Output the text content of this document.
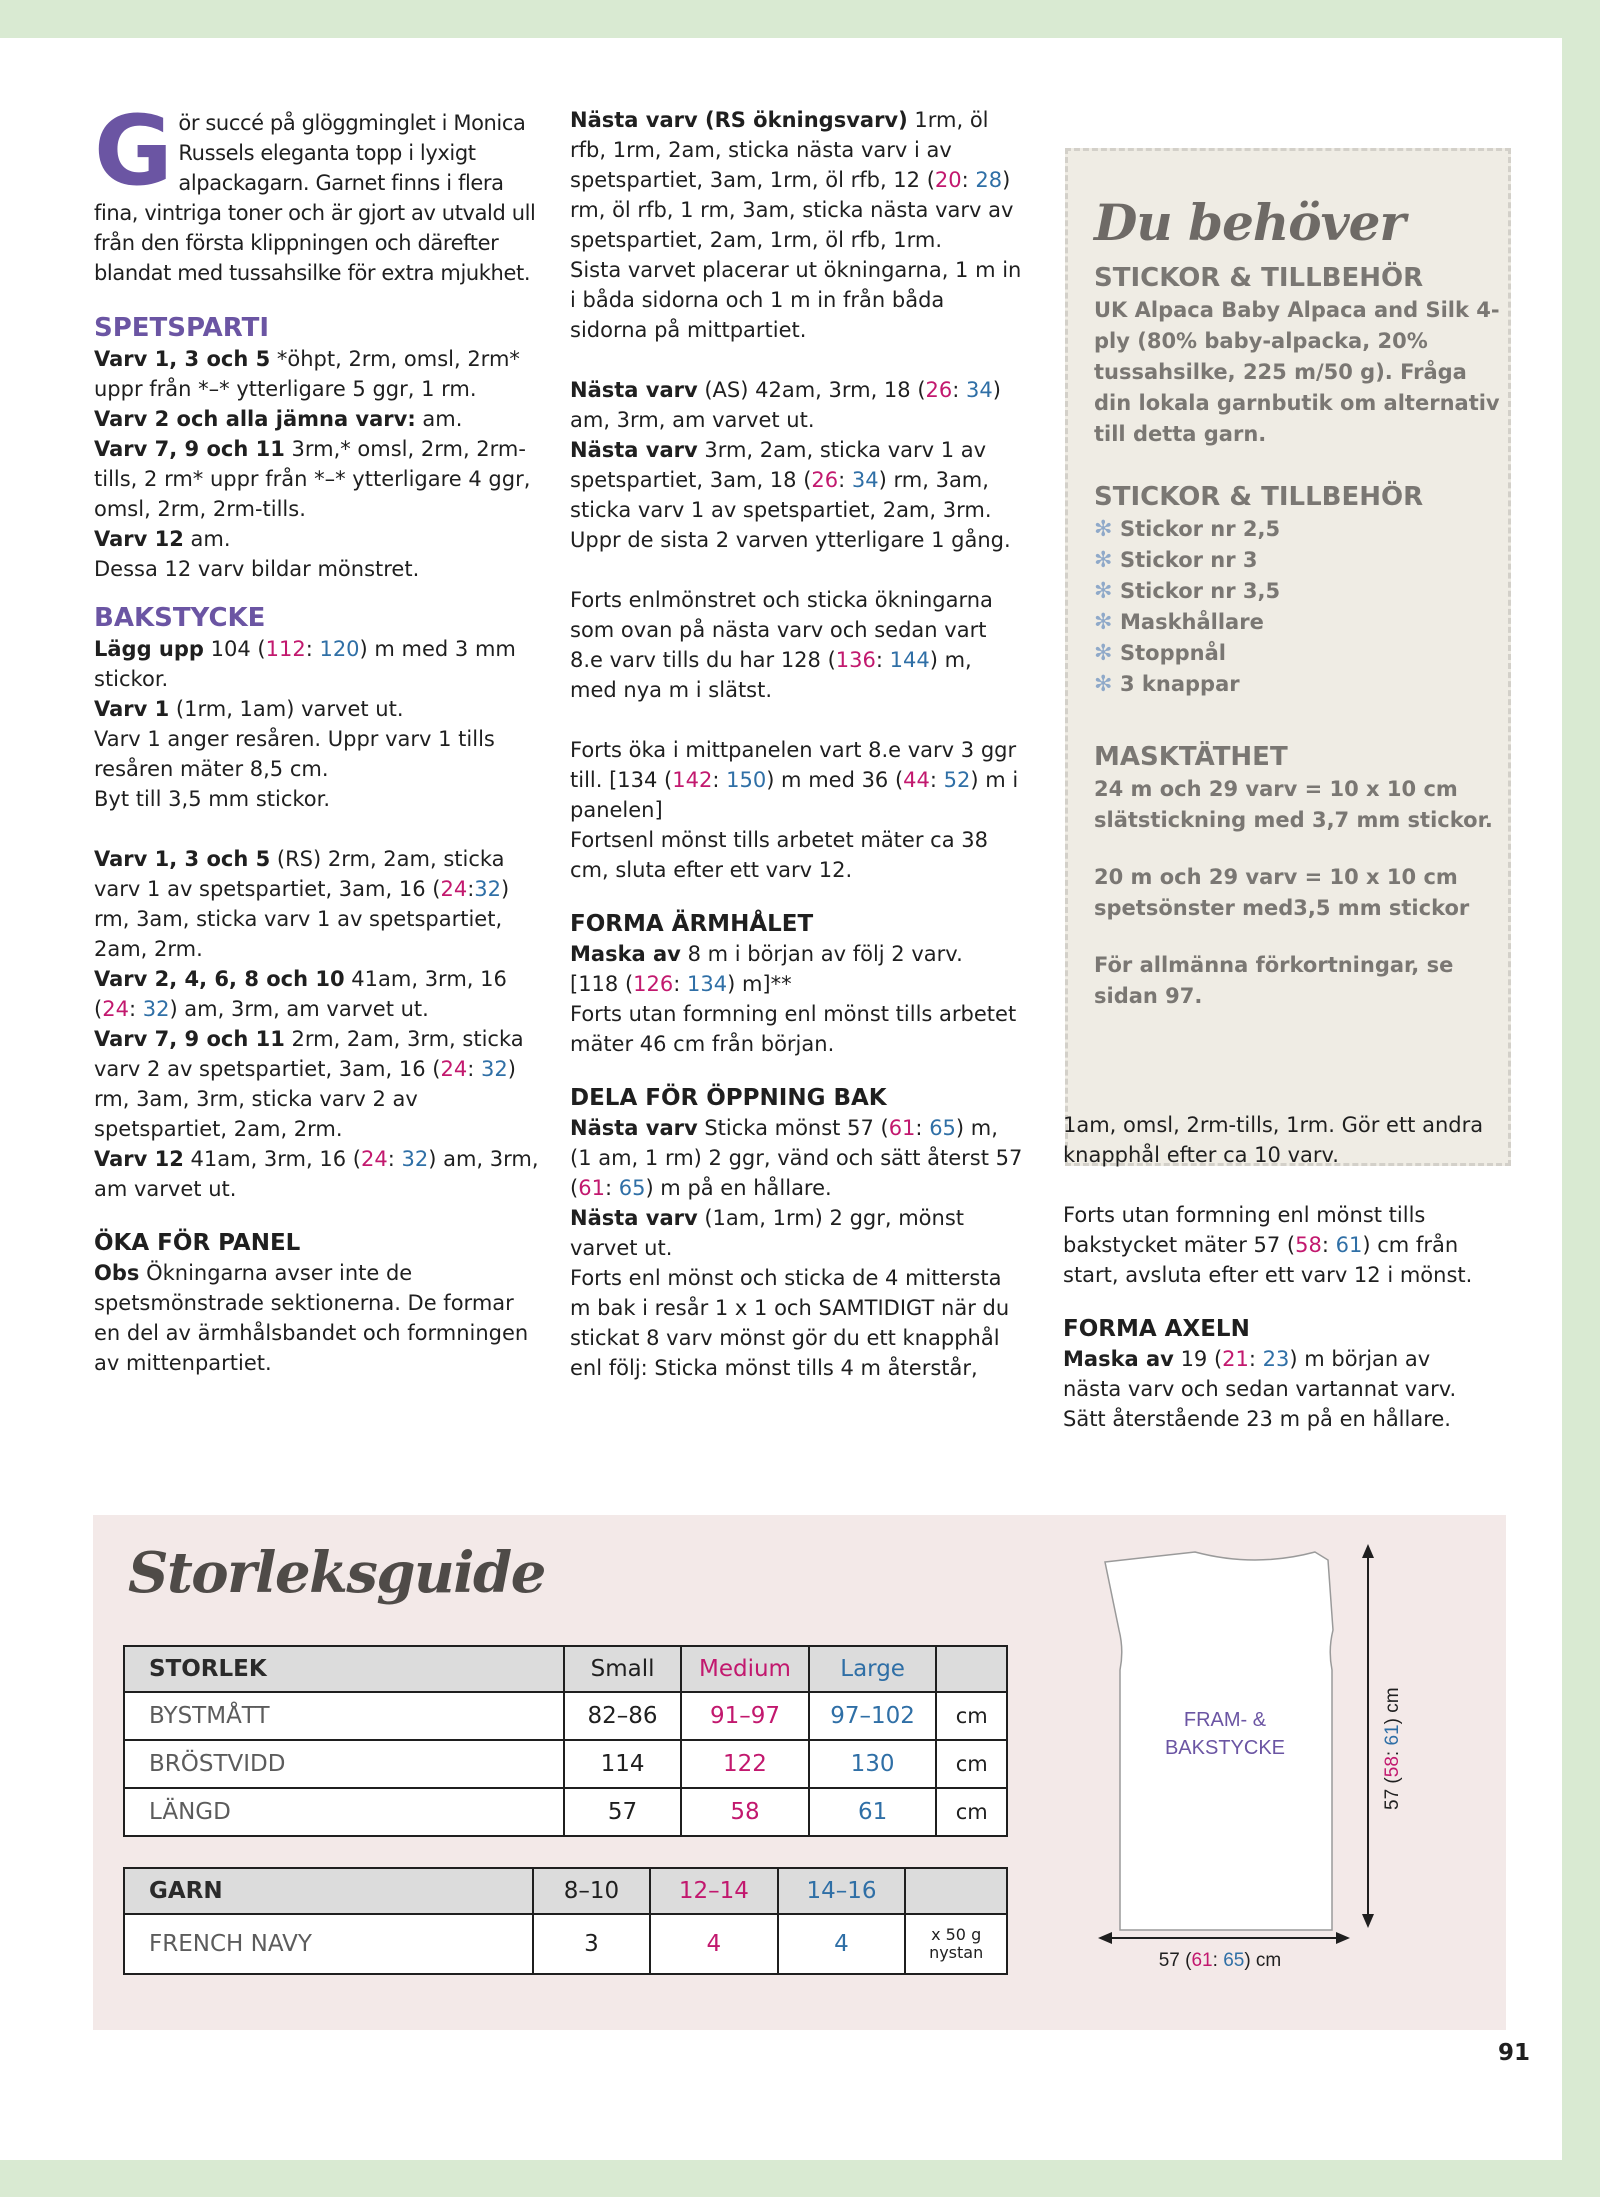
G ör succé på glöggminglet i Monica Russels eleganta topp i lyxigt alpackagarn. Garnet finns i flera fina, vintriga toner och är gjort av utvald ull från den första klippningen och därefter blandat med tussahsilke för extra mjukhet.
SPETSPARTI

Varv 1, 3 och 5 *öhpt, 2rm, omsl, 2rm* uppr från *–* ytterligare 5 ggr, 1 rm.

Varv 2 och alla jämna varv: am.

Varv 7, 9 och 11 3rm,* omsl, 2rm, 2rm-tills, 2 rm* uppr från *–* ytterligare 4 ggr, omsl, 2rm, 2rm-tills.

Varv 12 am.

Dessa 12 varv bildar mönstret.

BAKSTYCKE

Lägg upp 104 (112: 120) m med 3 mm stickor.

Varv 1 (1rm, 1am) varvet ut.

Varv 1 anger resåren. Uppr varv 1 tills resåren mäter 8,5 cm.

Byt till 3,5 mm stickor.

Varv 1, 3 och 5 (RS) 2rm, 2am, sticka varv 1 av spetspartiet, 3am, 16 (24:32) rm, 3am, sticka varv 1 av spetspartiet, 2am, 2rm.

Varv 2, 4, 6, 8 och 10 41am, 3rm, 16 (24: 32) am, 3rm, am varvet ut.

Varv 7, 9 och 11 2rm, 2am, 3rm, sticka varv 2 av spetspartiet, 3am, 16 (24: 32) rm, 3am, 3rm, sticka varv 2 av spetspartiet, 2am, 2rm.

Varv 12 41am, 3rm, 16 (24: 32) am, 3rm, am varvet ut.

ÖKA FÖR PANEL

Obs Ökningarna avser inte de spetsmönstrade sektionerna. De formar en del av ärmhålsbandet och formningen av mittenpartiet.

Nästa varv (RS ökningsvarv) 1rm, öl rfb, 1rm, 2am, sticka nästa varv i av spetspartiet, 3am, 1rm, öl rfb, 12 (20: 28) rm, öl rfb, 1 rm, 3am, sticka nästa varv av spetspartiet, 2am, 1rm, öl rfb, 1rm.

Sista varvet placerar ut ökningarna, 1 m in i båda sidorna och 1 m in från båda sidorna på mittpartiet.

Nästa varv (AS) 42am, 3rm, 18 (26: 34) am, 3rm, am varvet ut.

Nästa varv 3rm, 2am, sticka varv 1 av spetspartiet, 3am, 18 (26: 34) rm, 3am, sticka varv 1 av spetspartiet, 2am, 3rm.

Uppr de sista 2 varven ytterligare 1 gång.

Forts enlmönstret och sticka ökningarna som ovan på nästa varv och sedan vart 8.e varv tills du har 128 (136: 144) m, med nya m i slätst.

Forts öka i mittpanelen vart 8.e varv 3 ggr till. [134 (142: 150) m med 36 (44: 52) m i panelen]

Fortsenl mönst tills arbetet mäter ca 38 cm, sluta efter ett varv 12.

FORMA ÄRMHÅLET

Maska av 8 m i början av följ 2 varv.

[118 (126: 134) m]**

Forts utan formning enl mönst tills arbetet mäter 46 cm från början.

DELA FÖR ÖPPNING BAK

Nästa varv Sticka mönst 57 (61: 65) m, (1 am, 1 rm) 2 ggr, vänd och sätt återst 57 (61: 65) m på en hållare.

Nästa varv (1am, 1rm) 2 ggr, mönst varvet ut.

Forts enl mönst och sticka de 4 mittersta m bak i resår 1 x 1 och SAMTIDIGT när du stickat 8 varv mönst gör du ett knapphål enl följ: Sticka mönst tills 4 m återstår,

Du behöver
STICKOR & TILLBEHÖR

UK Alpaca Baby Alpaca and Silk 4-ply (80% baby-alpacka, 20% tussahsilke, 225 m/50 g). Fråga din lokala garnbutik om alternativ till detta garn.

STICKOR & TILLBEHÖR
✻ Stickor nr 2,5
✻ Stickor nr 3
✻ Stickor nr 3,5
✻ Maskhållare
✻ Stoppnål
✻ 3 knappar
MASKTÄTHET

24 m och 29 varv = 10 x 10 cm slätstickning med 3,7 mm stickor.

20 m och 29 varv = 10 x 10 cm spetsönster med3,5 mm stickor

För allmänna förkortningar, se sidan 97.

1am, omsl, 2rm-tills, 1rm. Gör ett andra knapphål efter ca 10 varv.

Forts utan formning enl mönst tills bakstycket mäter 57 (58: 61) cm från start, avsluta efter ett varv 12 i mönst.

FORMA AXELN

Maska av 19 (21: 23) m början av nästa varv och sedan vartannat varv. Sätt återstående 23 m på en hållare.

Storleksguide
STORLEK	Small	Medium	Large	
BYSTMÅTT	82–86	91–97	97–102	cm
BRÖSTVIDD	114	122	130	cm
LÄNGD	57	58	61	cm
GARN	8–10	12–14	14–16	
FRENCH NAVY	3	4	4	x 50 g nystan
FRAM- &
BAKSTYCKE
57 (58: 61) cm
57 (61: 65) cm
91
